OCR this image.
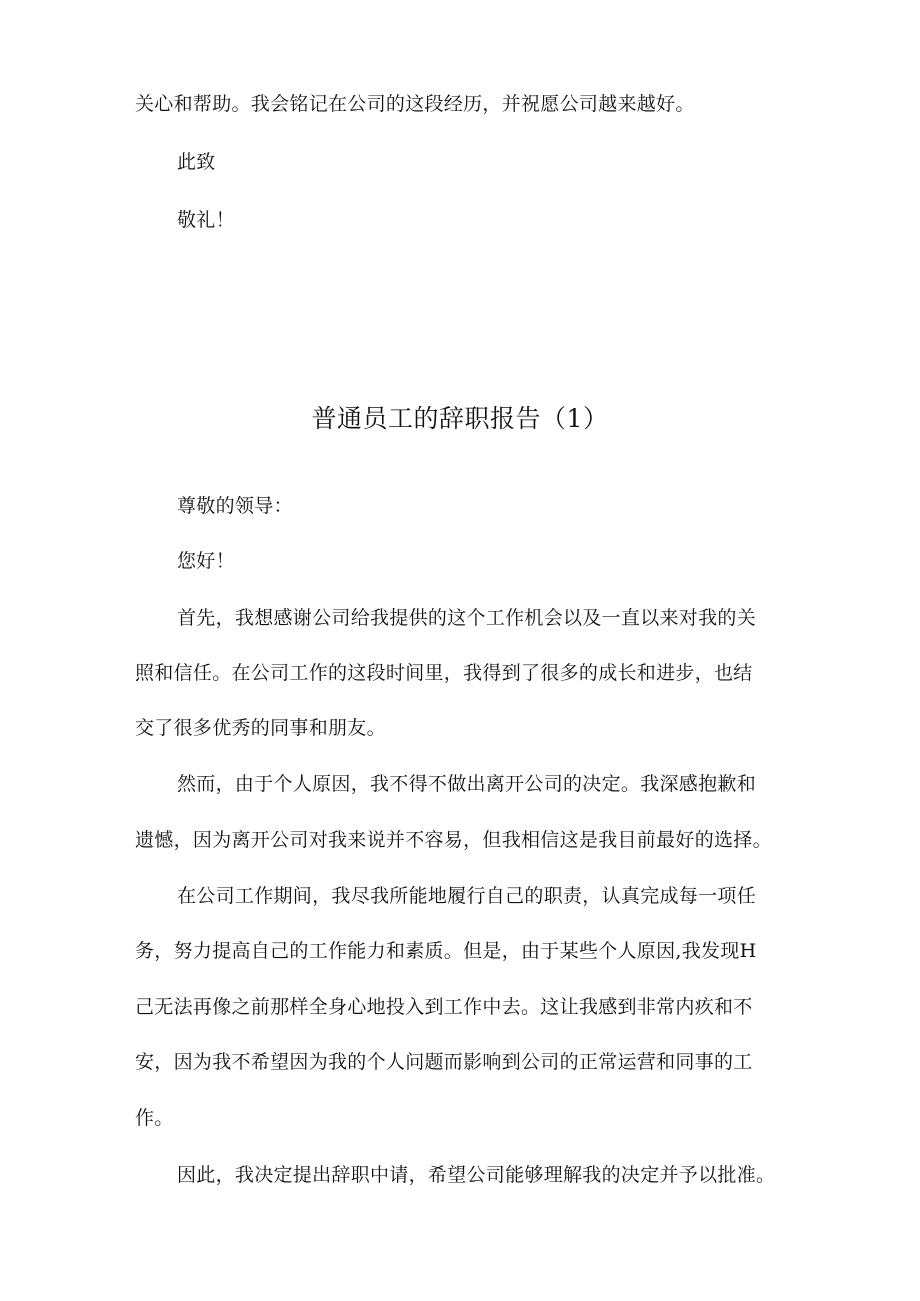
关心和帮助。我会铭记在公司的这段经历，并祝愿公司越来越好。
此致
敬礼！
普通员工的辞职报告（1）
尊敬的领导：
您好！
首先，我想感谢公司给我提供的这个工作机会以及一直以来对我的关
照和信任。在公司工作的这段时间里，我得到了很多的成长和进步，也结
交了很多优秀的同事和朋友。
然而，由于个人原因，我不得不做出离开公司的决定。我深感抱歉和
遗憾，因为离开公司对我来说并不容易，但我相信这是我目前最好的选择。
在公司工作期间，我尽我所能地履行自己的职责，认真完成每一项任
务，努力提高自己的工作能力和素质。但是，由于某些个人原因,我发现H
己无法再像之前那样全身心地投入到工作中去。这让我感到非常内疚和不
安，因为我不希望因为我的个人问题而影响到公司的正常运营和同事的工
作。
因此，我决定提出辞职中请，希望公司能够理解我的决定并予以批准。
